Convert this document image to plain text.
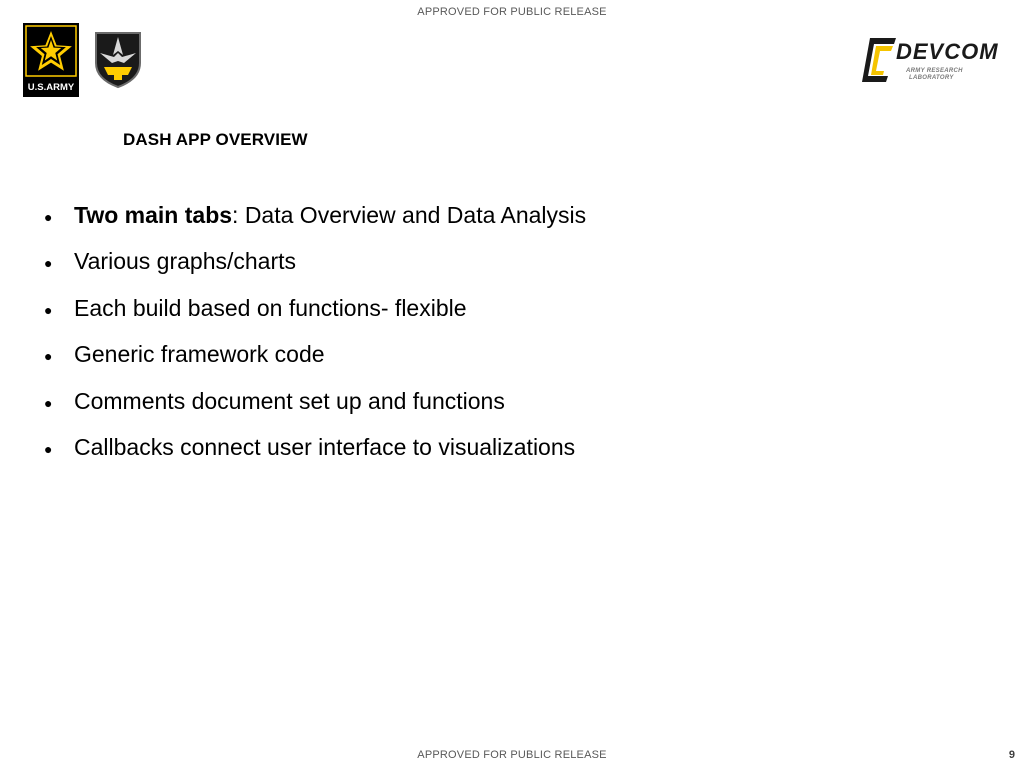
APPROVED FOR PUBLIC RELEASE
U.S.ARMY
DEVCOM
ARMY RESEARCH
LABORATORY
DASH APP OVERVIEW
● Two main tabs: Data Overview and Data Analysis
● Various graphs/charts
● Each build based on functions- flexible
● Generic framework code
● Comments document set up and functions
● Callbacks connect user interface to visualizations
APPROVED FOR PUBLIC RELEASE	9
